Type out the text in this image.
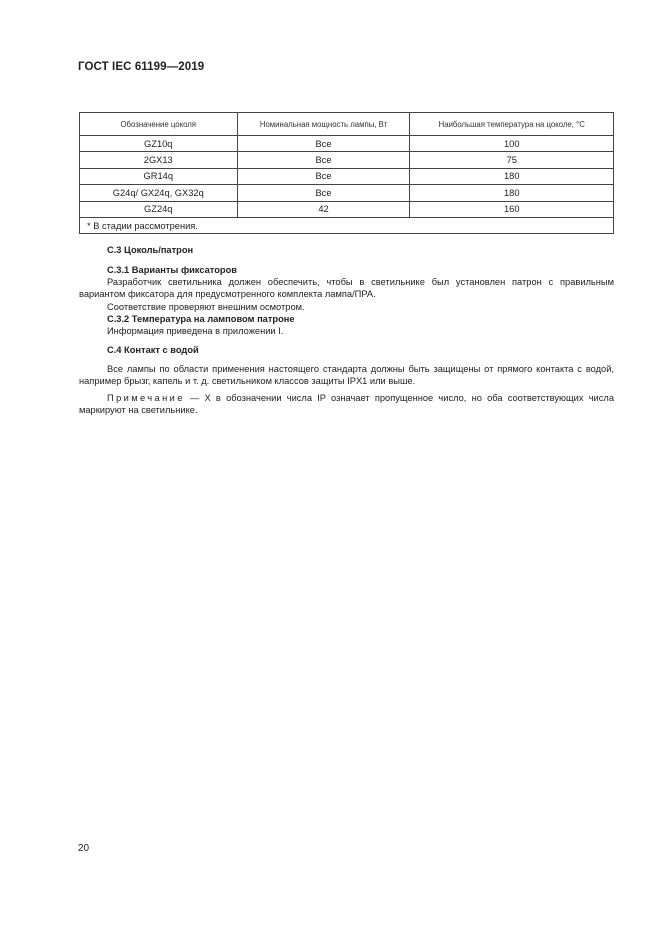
ГОСТ IEC 61199—2019
Обозначение цоколя	Номинальная мощность лампы, Вт	Наибольшая температура на цоколе, °С
GZ10q	Все	100
2GX13	Все	75
GR14q	Все	180
G24q/ GX24q, GX32q	Все	180
GZ24q	42	160
* В стадии рассмотрения.		

С.3 Цоколь/патрон

С.3.1 Варианты фиксаторов

Разработчик светильника должен обеспечить, чтобы в светильнике был установлен патрон с правильным вариантом фиксатора для предусмотренного комплекта лампа/ПРА.

Соответствие проверяют внешним осмотром.

С.3.2 Температура на ламповом патроне

Информация приведена в приложении I.

С.4 Контакт с водой

Все лампы по области применения настоящего стандарта должны быть защищены от прямого контакта с водой, например брызг, капель и т. д. светильником классов защиты IPX1 или выше.

Примечание — X в обозначении числа IP означает пропущенное число, но оба соответствующих числа маркируют на светильнике.

20
